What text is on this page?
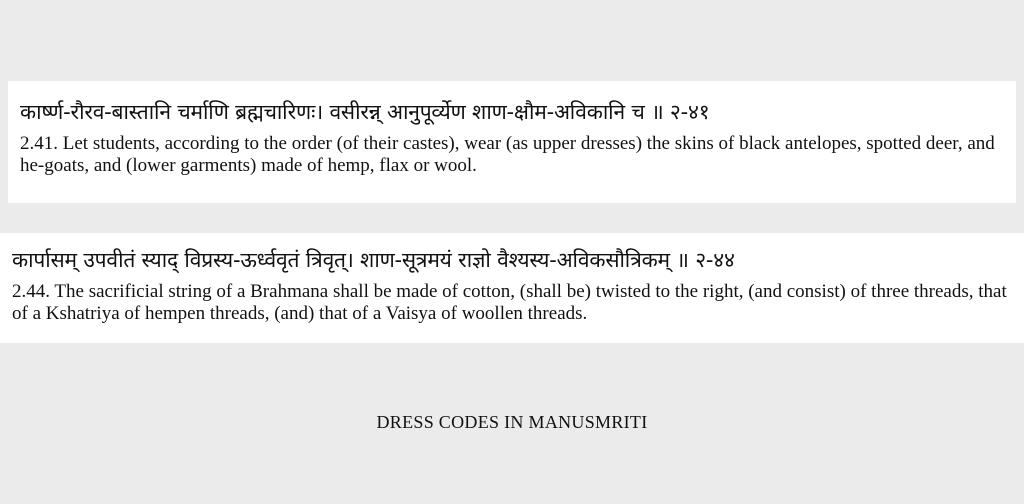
कार्ष्ण-रौरव-बास्तानि चर्माणि ब्रह्मचारिणः। वसीरन्न् आनुपूर्व्येण शाण-क्षौम-अविकानि च ॥ २-४१

2.41. Let students, according to the order (of their castes), wear (as upper dresses) the skins of black antelopes, spotted deer, and he-goats, and (lower garments) made of hemp, flax or wool.

कार्पासम् उपवीतं स्याद् विप्रस्य-ऊर्ध्ववृतं त्रिवृत्। शाण-सूत्रमयं राज्ञो वैश्यस्य-अविकसौत्रिकम् ॥ २-४४

2.44. The sacrificial string of a Brahmana shall be made of cotton, (shall be) twisted to the right, (and consist) of three threads, that of a Kshatriya of hempen threads, (and) that of a Vaisya of woollen threads.

DRESS CODES IN MANUSMRITI
